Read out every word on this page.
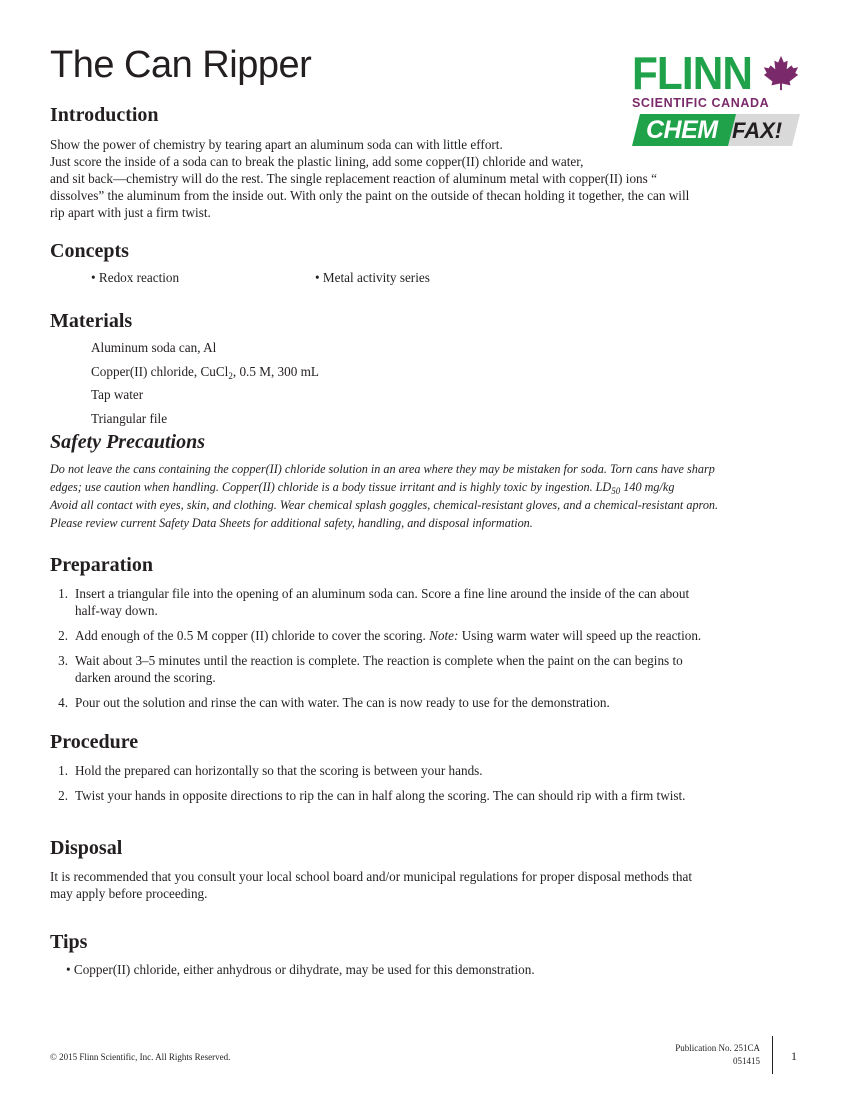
The Can Ripper	FLINN
SCIENTIFIC CANADA
CHEM FAX!
Introduction
Show the power of chemistry by tearing apart an aluminum soda can with little effort.
Just score the inside of a soda can to break the plastic lining, add some copper(II) chloride and water,
and sit back—chemistry will do the rest. The single replacement reaction of aluminum metal with copper(II) ions “
dissolves” the aluminum from the inside out. With only the paint on the outside of thecan holding it together, the can will
rip apart with just a firm twist.
Concepts
• Redox reaction	• Metal activity series
Materials
Aluminum soda can, Al
Copper(II) chloride, CuCl$_2$, 0.5 M, 300 mL
Tap water
Triangular file
Safety Precautions
Do not leave the cans containing the copper(II) chloride solution in an area where they may be mistaken for soda. Torn cans have sharp
edges; use caution when handling. Copper(II) chloride is a body tissue irritant and is highly toxic by ingestion. $LD_{50}$ 140 mg/kg
Avoid all contact with eyes, skin, and clothing. Wear chemical splash goggles, chemical-resistant gloves, and a chemical-resistant apron.
Please review current Safety Data Sheets for additional safety, handling, and disposal information.
Preparation
1. Insert a triangular file into the opening of an aluminum soda can. Score a fine line around the inside of the can about
half-way down.
2. Add enough of the 0.5 M copper (II) chloride to cover the scoring. Note: Using warm water will speed up the reaction.
3. Wait about 3–5 minutes until the reaction is complete. The reaction is complete when the paint on the can begins to
darken around the scoring.
4. Pour out the solution and rinse the can with water. The can is now ready to use for the demonstration.
Procedure
1. Hold the prepared can horizontally so that the scoring is between your hands.
2. Twist your hands in opposite directions to rip the can in half along the scoring. The can should rip with a firm twist.
Disposal
It is recommended that you consult your local school board and/or municipal regulations for proper disposal methods that
may apply before proceeding.
Tips
• Copper(II) chloride, either anhydrous or dihydrate, may be used for this demonstration.
© 2015 Flinn Scientific, Inc. All Rights Reserved.
Publication No. 251CA
051415	1
